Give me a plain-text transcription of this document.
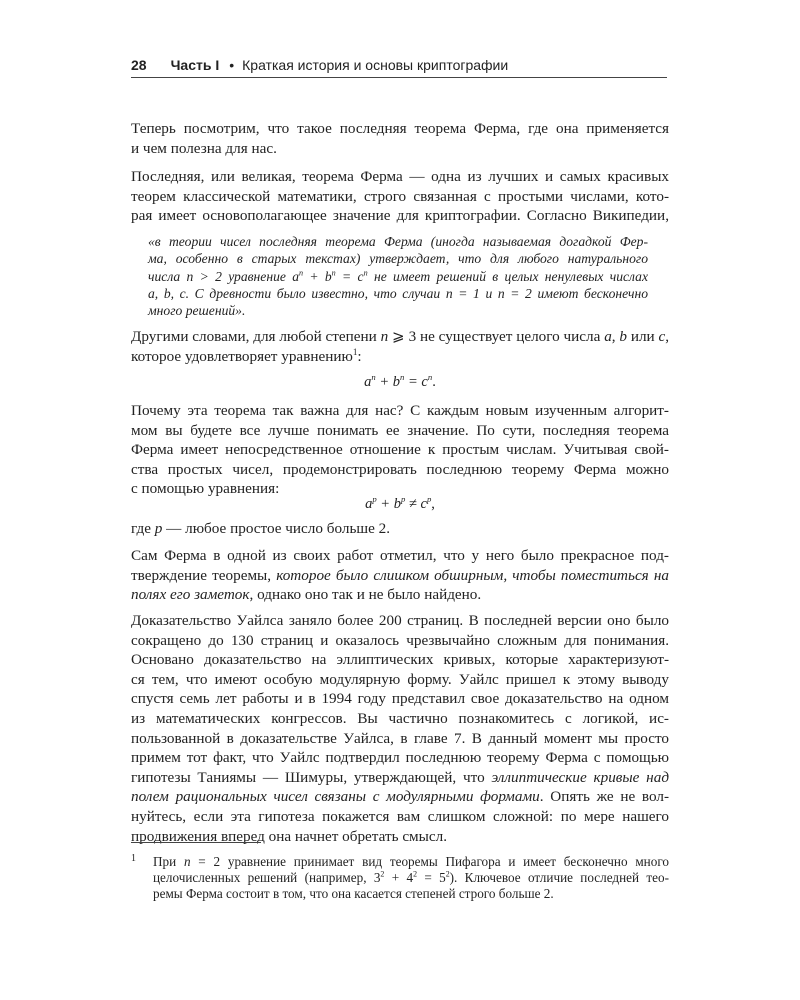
28 Часть I • Краткая история и основы криптографии

Теперь посмотрим, что такое последняя теорема Ферма, где она применяется

и чем полезна для нас.

Последняя, или великая, теорема Ферма — одна из лучших и самых красивых

теорем классической математики, строго связанная с простыми числами, кото-

рая имеет основополагающее значение для криптографии. Согласно Википедии,

«в теории чисел последняя теорема Ферма (иногда называемая догадкой Фер-

ма, особенно в старых текстах) утверждает, что для любого натурального

числа n > 2 уравнение $a^n + b^n = c^n$ не имеет решений в целых ненулевых числах

a, b, c. С древности было известно, что случаи n = 1 и n = 2 имеют бесконечно

много решений».

Другими словами, для любой степени n ⩾ 3 не существует целого числа a, b или c,

которое удовлетворяет уравнению$^1$:

$a^n + b^n = c^n$.

Почему эта теорема так важна для нас? С каждым новым изученным алгорит-

мом вы будете все лучше понимать ее значение. По сути, последняя теорема

Ферма имеет непосредственное отношение к простым числам. Учитывая свой-

ства простых чисел, продемонстрировать последнюю теорему Ферма можно

с помощью уравнения:

$a^p + b^p \ne c^p$,

где p — любое простое число больше 2.

Сам Ферма в одной из своих работ отметил, что у него было прекрасное под-

тверждение теоремы, которое было слишком обширным, чтобы поместиться на

полях его заметок, однако оно так и не было найдено.

Доказательство Уайлса заняло более 200 страниц. В последней версии оно было

сокращено до 130 страниц и оказалось чрезвычайно сложным для понимания.

Основано доказательство на эллиптических кривых, которые характеризуют-

ся тем, что имеют особую модулярную форму. Уайлс пришел к этому выводу

спустя семь лет работы и в 1994 году представил свое доказательство на одном

из математических конгрессов. Вы частично познакомитесь с логикой, ис-

пользованной в доказательстве Уайлса, в главе 7. В данный момент мы просто

примем тот факт, что Уайлс подтвердил последнюю теорему Ферма с помощью

гипотезы Таниямы — Шимуры, утверждающей, что эллиптические кривые над

полем рациональных чисел связаны с модулярными формами. Опять же не вол-

нуйтесь, если эта гипотеза покажется вам слишком сложной: по мере нашего

продвижения вперед она начнет обретать смысл.

1 При n = 2 уравнение принимает вид теоремы Пифагора и имеет бесконечно много

целочисленных решений (например, $3^2 + 4^2 = 5^2$). Ключевое отличие последней тео-

ремы Ферма состоит в том, что она касается степеней строго больше 2.
